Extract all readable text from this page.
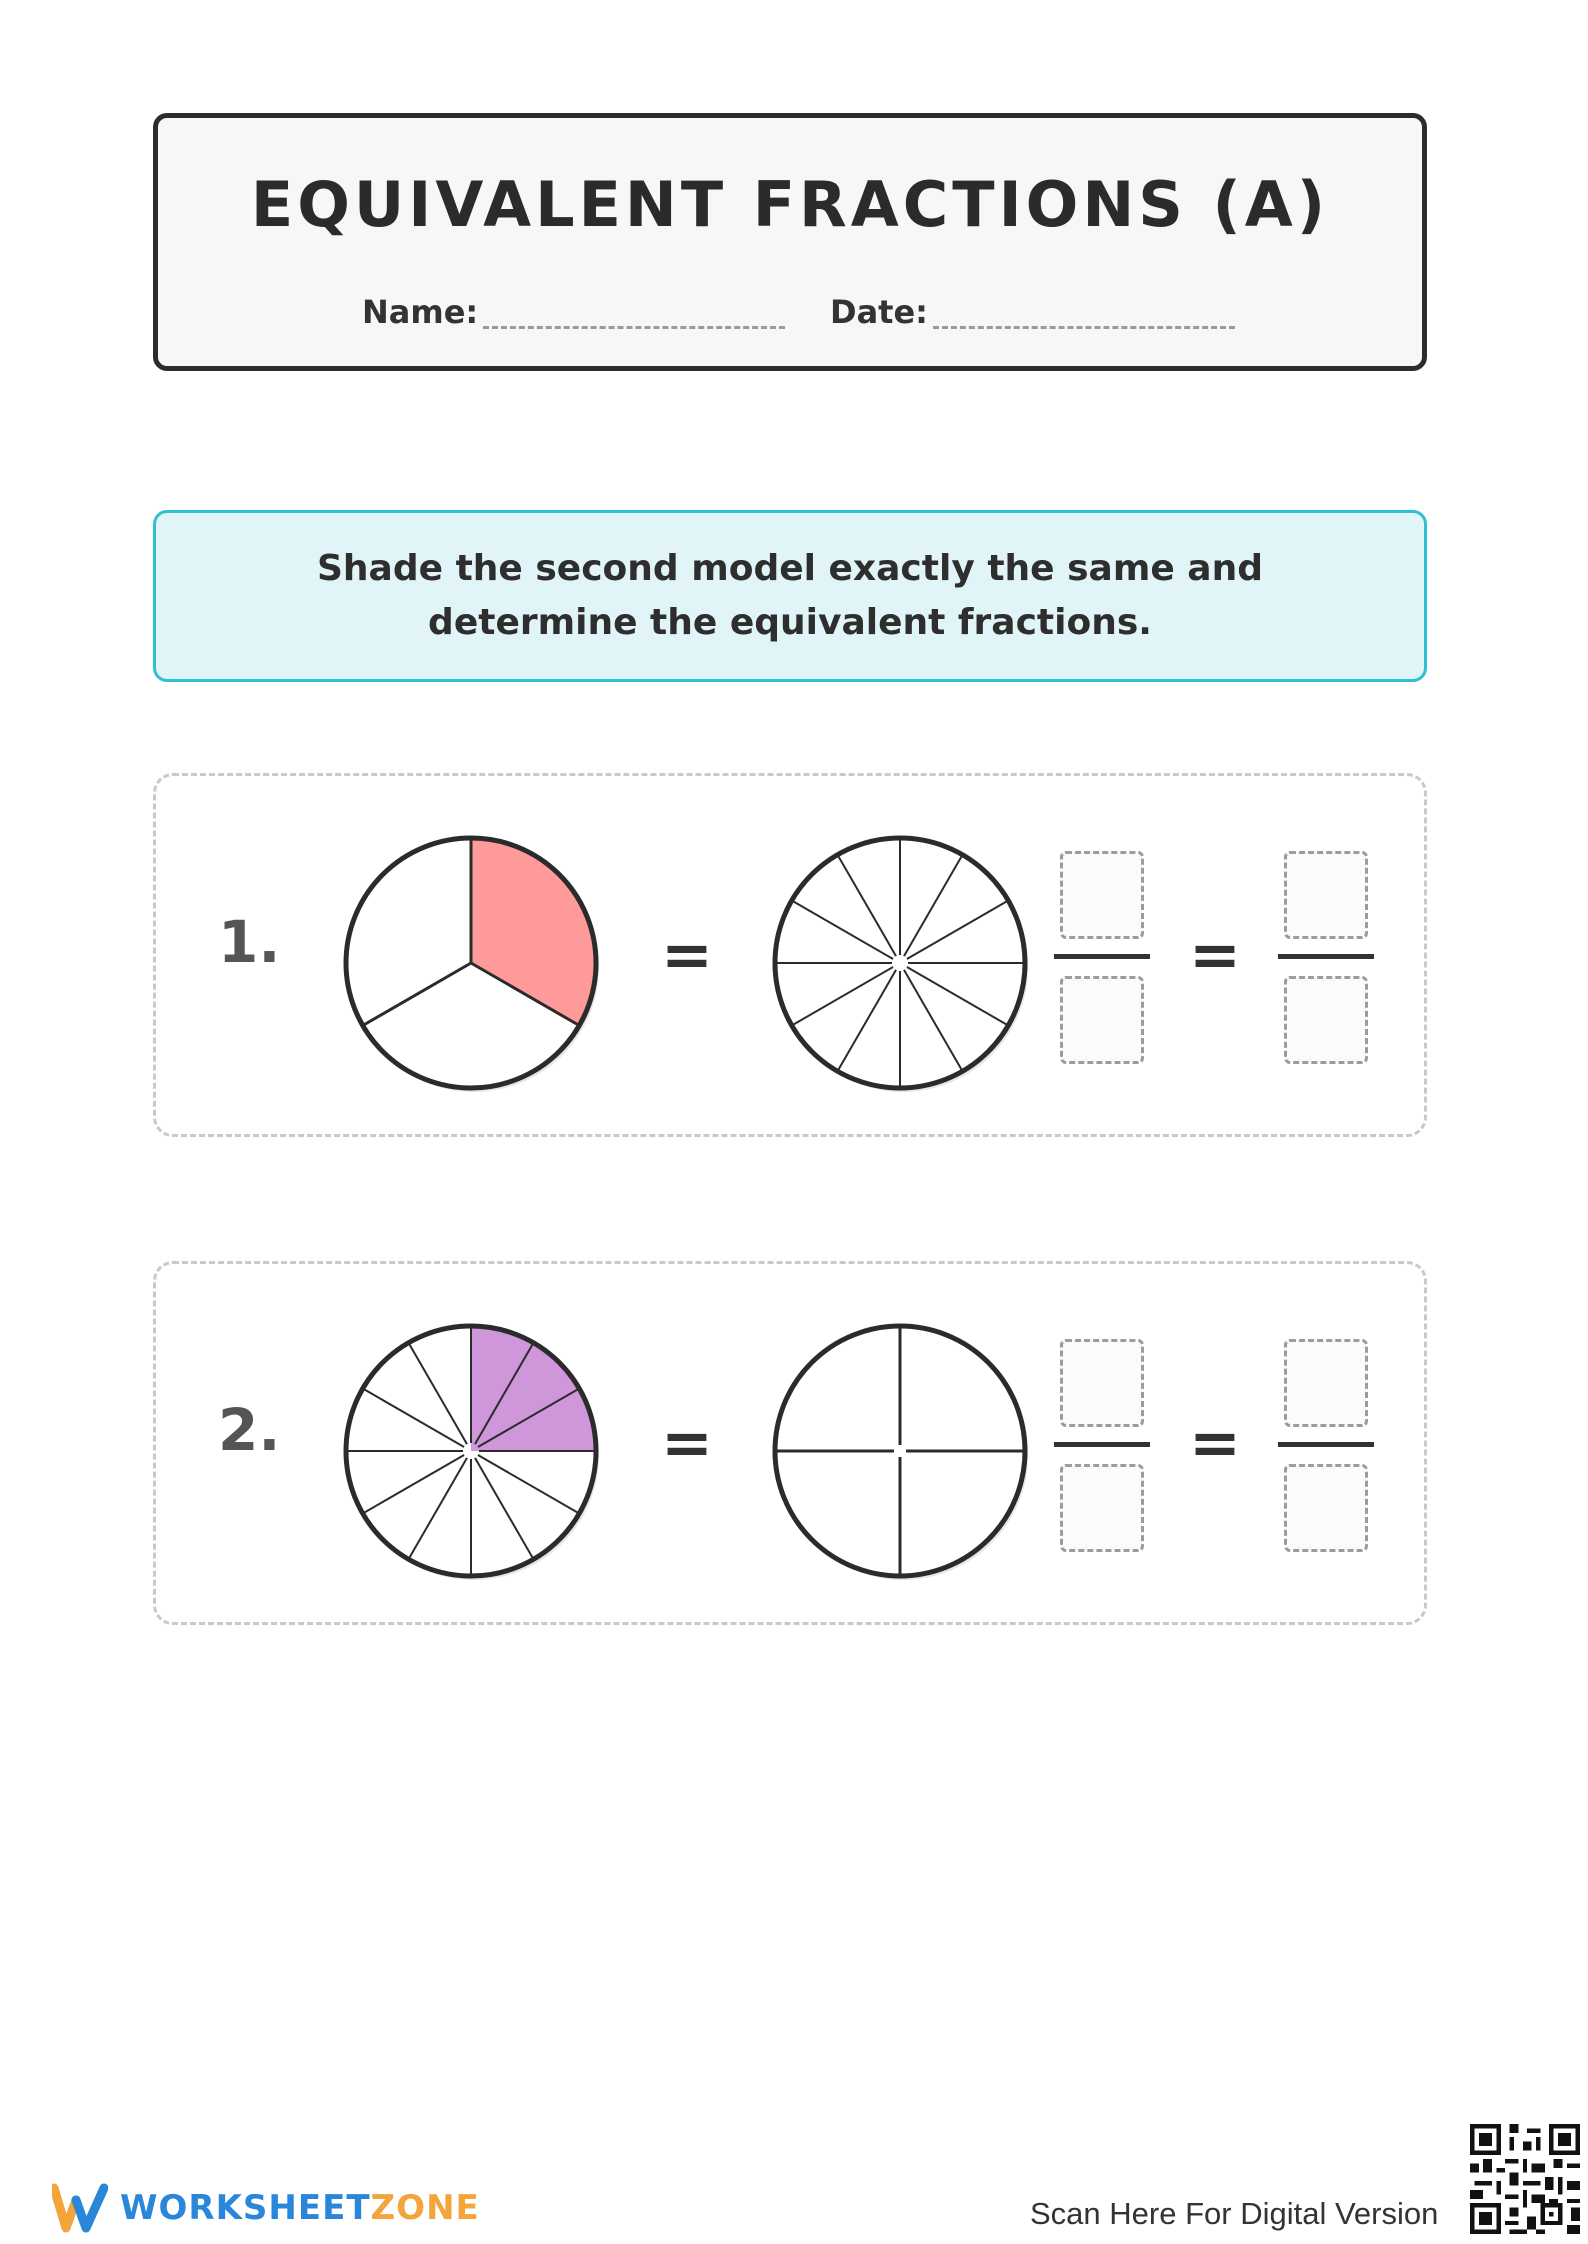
EQUIVALENT FRACTIONS (A)
Name:	Date:
Shade the second model exactly the same and determine the equivalent fractions.
1.	=	=
2.	=	=
WORKSHEETZONE	Scan Here For Digital Version
